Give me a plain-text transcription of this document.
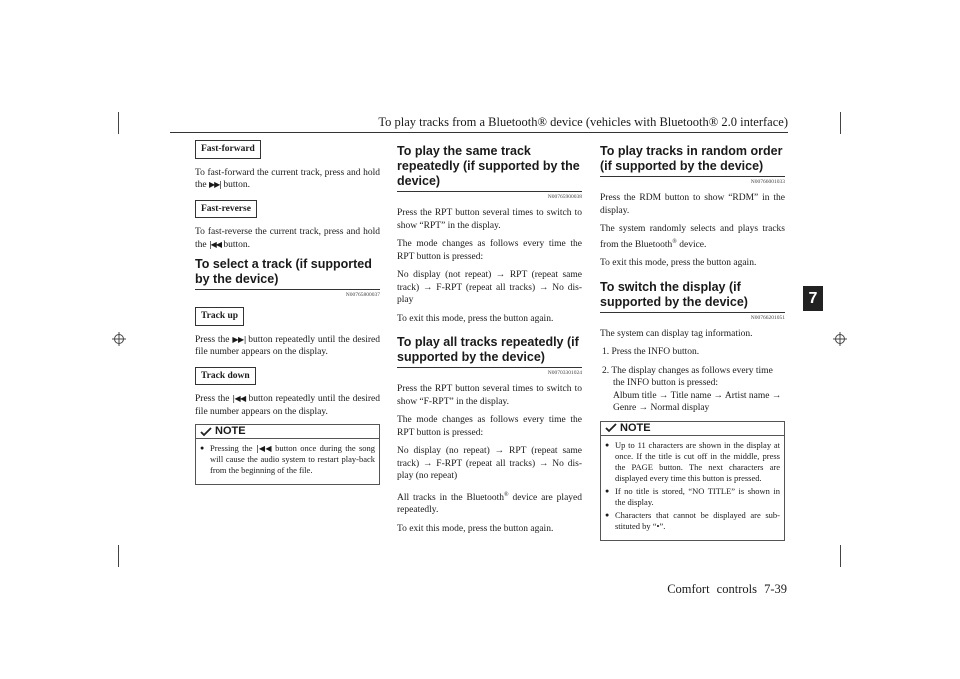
To play tracks from a Bluetooth® device (vehicles with Bluetooth® 2.0 interface)
7
Fast-forward

To fast-forward the current track, press and hold the ▶▶| button.

Fast-reverse

To fast-reverse the current track, press and hold the |◀◀ button.

To select a track (if supported by the device)
N00765800037
Track up

Press the ▶▶| button repeatedly until the desired file number appears on the display.

Track down

Press the |◀◀ button repeatedly until the desired file number appears on the display.

NOTE
● Pressing the |◀◀ button once during the song will cause the audio system to restart play-back from the beginning of the file.
To play the same track repeatedly (if supported by the device)
N00765900038

Press the RPT button several times to switch to show “RPT” in the display.

The mode changes as follows every time the RPT button is pressed:

No display (not repeat) → RPT (repeat same track) → F-RPT (repeat all tracks) → No dis-play

To exit this mode, press the button again.

To play all tracks repeatedly (if supported by the device)
N00703301024

Press the RPT button several times to switch to show “F-RPT” in the display.

The mode changes as follows every time the RPT button is pressed:

No display (no repeat) → RPT (repeat same track) → F-RPT (repeat all tracks) → No dis-play (no repeat)

All tracks in the Bluetooth® device are played repeatedly.

To exit this mode, press the button again.

To play tracks in random order (if supported by the device)
N00766001033

Press the RDM button to show “RDM” in the display.

The system randomly selects and plays tracks from the Bluetooth® device.

To exit this mode, press the button again.

To switch the display (if supported by the device)
N00766201051

The system can display tag information.

1. Press the INFO button.

2. The display changes as follows every time the INFO button is pressed:

Album title → Title name → Artist name → Genre → Normal display

NOTE
● Up to 11 characters are shown in the display at once. If the title is cut off in the middle, press the PAGE button. The next characters are displayed every time this button is pressed.
● If no title is stored, “NO TITLE” is shown in the display.
● Characters that cannot be displayed are sub-stituted by “•”.
Comfort controls 7-39
